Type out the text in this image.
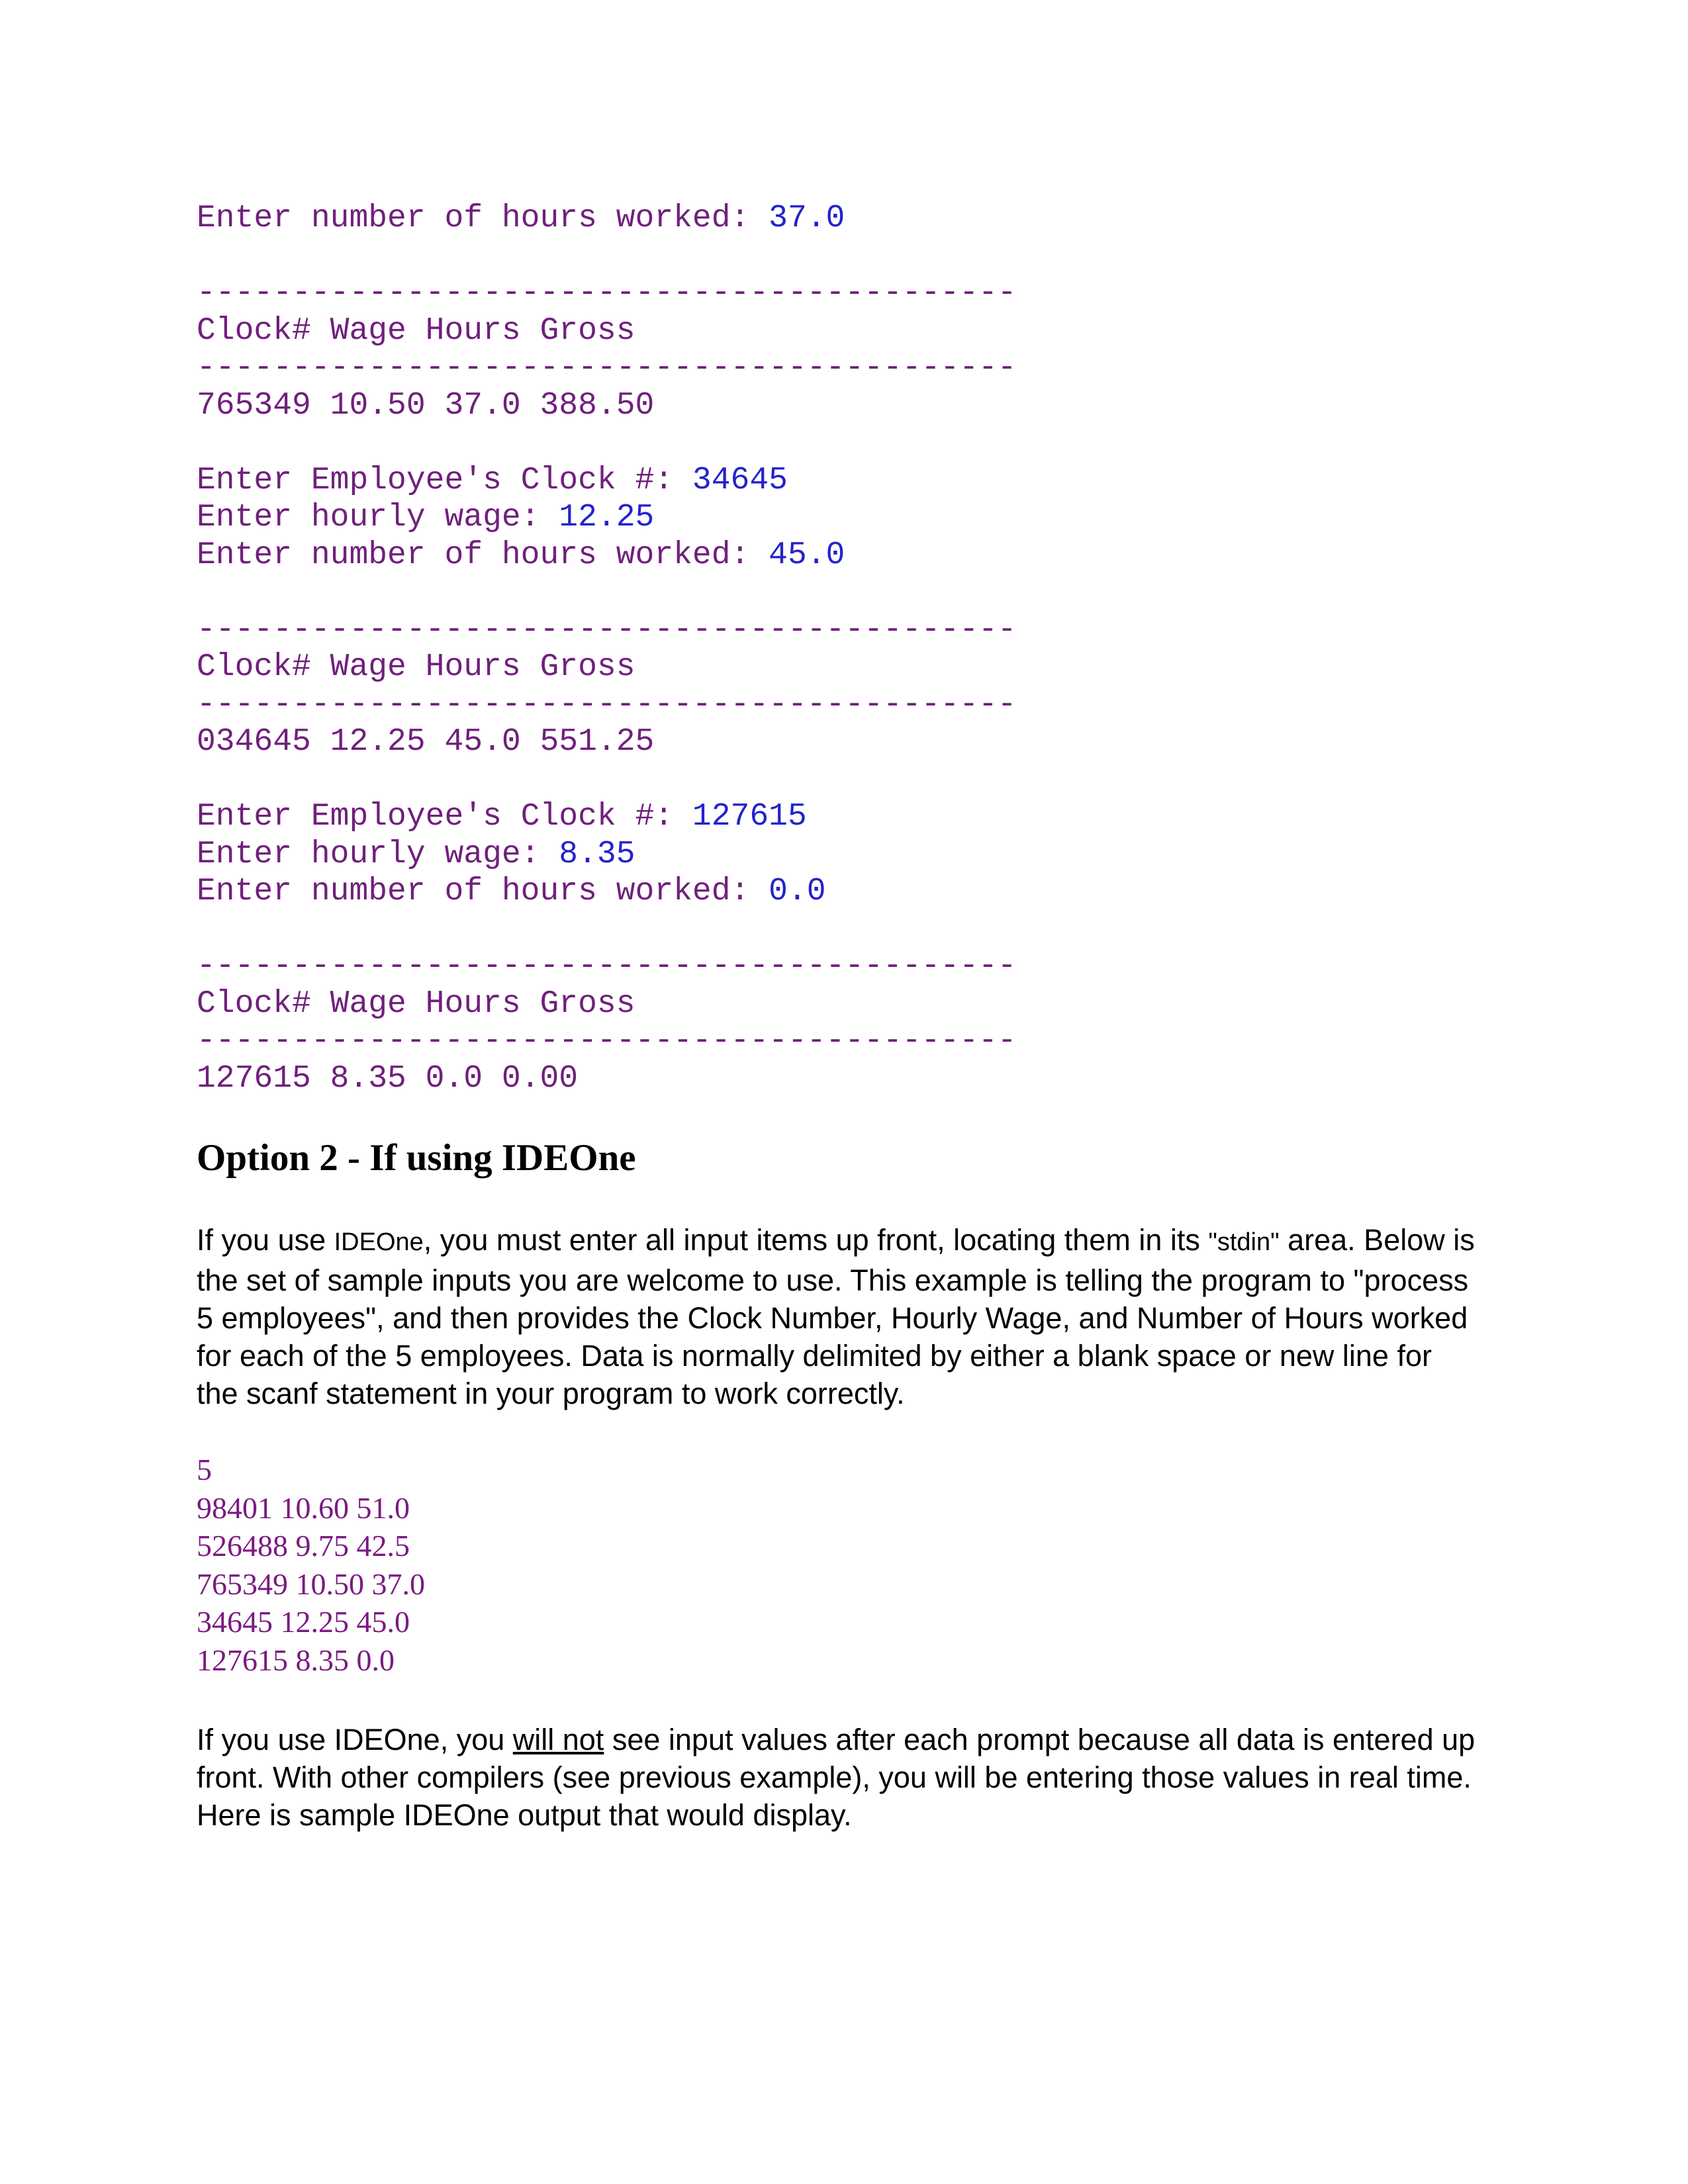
Enter number of hours worked: 37.0
-------------------------------------------
Clock# Wage Hours Gross
-------------------------------------------
765349 10.50 37.0 388.50
Enter Employee's Clock #: 34645
Enter hourly wage: 12.25
Enter number of hours worked: 45.0
-------------------------------------------
Clock# Wage Hours Gross
-------------------------------------------
034645 12.25 45.0 551.25
Enter Employee's Clock #: 127615
Enter hourly wage: 8.35
Enter number of hours worked: 0.0
-------------------------------------------
Clock# Wage Hours Gross
-------------------------------------------
127615 8.35 0.0 0.00
Option 2 - If using IDEOne

If you use IDEOne, you must enter all input items up front, locating them in its "stdin" area. Below is the set of sample inputs you are welcome to use. This example is telling the program to "process 5 employees", and then provides the Clock Number, Hourly Wage, and Number of Hours worked for each of the 5 employees. Data is normally delimited by either a blank space or new line for the scanf statement in your program to work correctly.

5
98401 10.60 51.0
526488 9.75 42.5
765349 10.50 37.0
34645 12.25 45.0
127615 8.35 0.0

If you use IDEOne, you will not see input values after each prompt because all data is entered up front. With other compilers (see previous example), you will be entering those values in real time.  Here is sample IDEOne output that would display.
